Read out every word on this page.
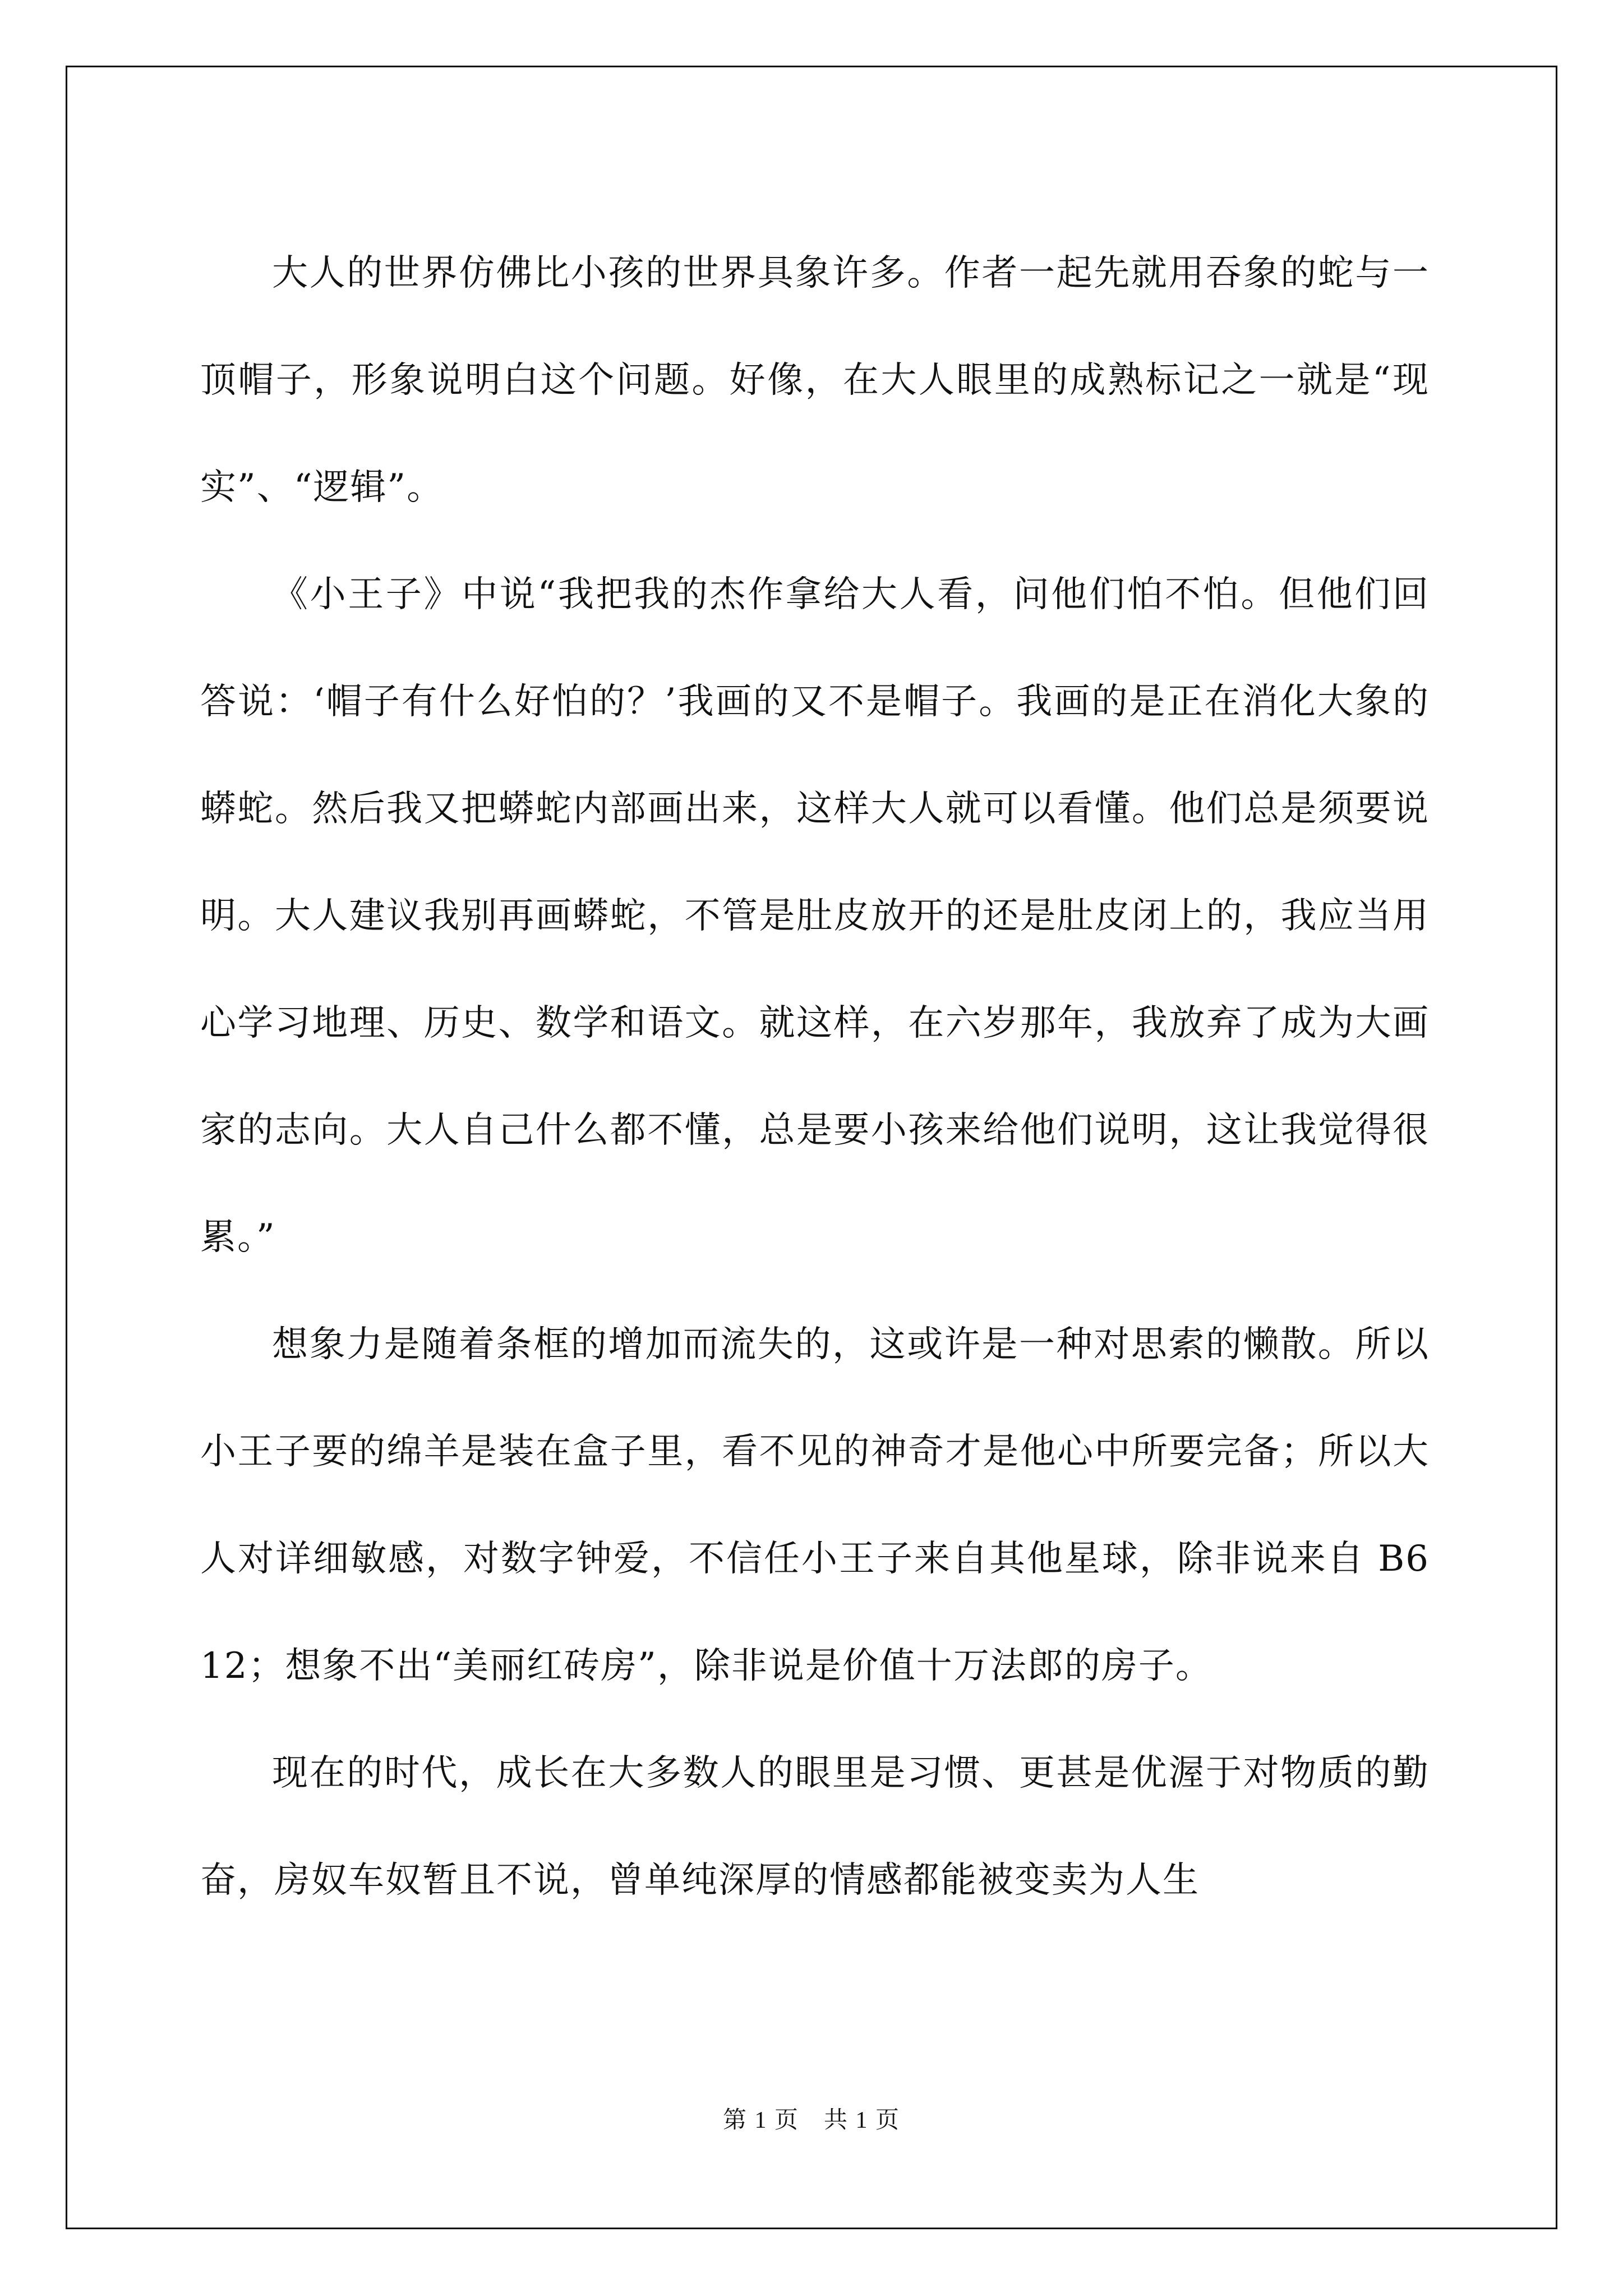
大人的世界仿佛比小孩的世界具象许多。作者一起先就用吞象的蛇与一顶帽子，形象说明白这个问题。好像，在大人眼里的成熟标记之一就是“现实”、“逻辑”。

《小王子》中说“我把我的杰作拿给大人看，问他们怕不怕。但他们回答说：‘帽子有什么好怕的？’我画的又不是帽子。我画的是正在消化大象的蟒蛇。然后我又把蟒蛇内部画出来，这样大人就可以看懂。他们总是须要说明。大人建议我别再画蟒蛇，不管是肚皮放开的还是肚皮闭上的，我应当用心学习地理、历史、数学和语文。就这样，在六岁那年，我放弃了成为大画家的志向。大人自己什么都不懂，总是要小孩来给他们说明，这让我觉得很累。”

想象力是随着条框的增加而流失的，这或许是一种对思索的懒散。所以小王子要的绵羊是装在盒子里，看不见的神奇才是他心中所要完备；所以大人对详细敏感，对数字钟爱，不信任小王子来自其他星球，除非说来自 B612；想象不出“美丽红砖房”，除非说是价值十万法郎的房子。

现在的时代，成长在大多数人的眼里是习惯、更甚是优渥于对物质的勤奋，房奴车奴暂且不说，曾单纯深厚的情感都能被变卖为人生

第 1 页　共 1 页
